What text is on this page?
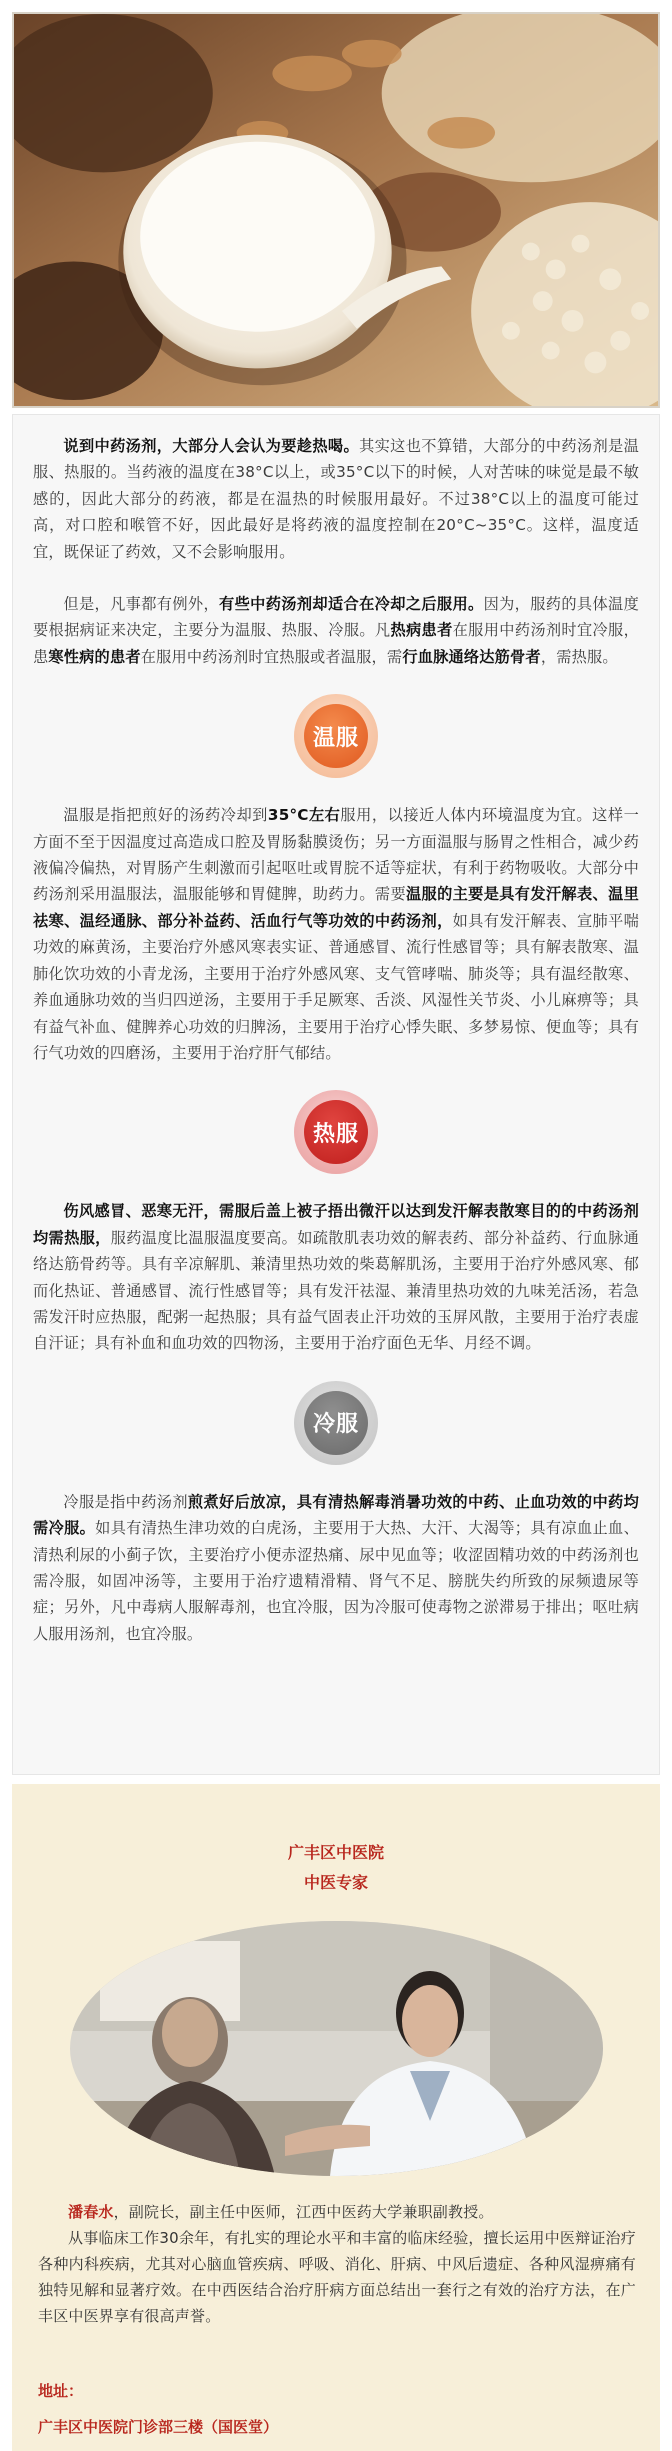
说到中药汤剂，大部分人会认为要趁热喝。其实这也不算错，大部分的中药汤剂是温服、热服的。当药液的温度在38°C以上，或35°C以下的时候，人对苦味的味觉是最不敏感的，因此大部分的药液，都是在温热的时候服用最好。不过38°C以上的温度可能过高，对口腔和喉管不好，因此最好是将药液的温度控制在20°C~35°C。这样，温度适宜，既保证了药效，又不会影响服用。

但是，凡事都有例外，有些中药汤剂却适合在冷却之后服用。因为，服药的具体温度要根据病证来决定，主要分为温服、热服、冷服。凡热病患者在服用中药汤剂时宜冷服，患寒性病的患者在服用中药汤剂时宜热服或者温服，需行血脉通络达筋骨者，需热服。

温服

温服是指把煎好的汤药冷却到35°C左右服用，以接近人体内环境温度为宜。这样一方面不至于因温度过高造成口腔及胃肠黏膜烫伤；另一方面温服与肠胃之性相合，减少药液偏冷偏热，对胃肠产生刺激而引起呕吐或胃脘不适等症状，有利于药物吸收。大部分中药汤剂采用温服法，温服能够和胃健脾，助药力。需要温服的主要是具有发汗解表、温里祛寒、温经通脉、部分补益药、活血行气等功效的中药汤剂，如具有发汗解表、宣肺平喘功效的麻黄汤，主要治疗外感风寒表实证、普通感冒、流行性感冒等；具有解表散寒、温肺化饮功效的小青龙汤，主要用于治疗外感风寒、支气管哮喘、肺炎等；具有温经散寒、养血通脉功效的当归四逆汤，主要用于手足厥寒、舌淡、风湿性关节炎、小儿麻痹等；具有益气补血、健脾养心功效的归脾汤，主要用于治疗心悸失眠、多梦易惊、便血等；具有行气功效的四磨汤，主要用于治疗肝气郁结。

热服

伤风感冒、恶寒无汗，需服后盖上被子捂出微汗以达到发汗解表散寒目的的中药汤剂均需热服，服药温度比温服温度要高。如疏散肌表功效的解表药、部分补益药、行血脉通络达筋骨药等。具有辛凉解肌、兼清里热功效的柴葛解肌汤，主要用于治疗外感风寒、郁而化热证、普通感冒、流行性感冒等；具有发汗祛湿、兼清里热功效的九味羌活汤，若急需发汗时应热服，配粥一起热服；具有益气固表止汗功效的玉屏风散，主要用于治疗表虚自汗证；具有补血和血功效的四物汤，主要用于治疗面色无华、月经不调。

冷服

冷服是指中药汤剂煎煮好后放凉，具有清热解毒消暑功效的中药、止血功效的中药均需冷服。如具有清热生津功效的白虎汤，主要用于大热、大汗、大渴等；具有凉血止血、清热利尿的小蓟子饮，主要治疗小便赤涩热痛、尿中见血等；收涩固精功效的中药汤剂也需冷服，如固冲汤等，主要用于治疗遗精滑精、肾气不足、膀胱失约所致的尿频遗尿等症；另外，凡中毒病人服解毒剂，也宜冷服，因为冷服可使毒物之淤滞易于排出；呕吐病人服用汤剂，也宜冷服。

广丰区中医院
中医专家

潘春水，副院长，副主任中医师，江西中医药大学兼职副教授。

从事临床工作30余年，有扎实的理论水平和丰富的临床经验，擅长运用中医辩证治疗各种内科疾病，尤其对心脑血管疾病、呼吸、消化、肝病、中风后遗症、各种风湿痹痛有独特见解和显著疗效。在中西医结合治疗肝病方面总结出一套行之有效的治疗方法，在广丰区中医界享有很高声誉。

地址：
广丰区中医院门诊部三楼（国医堂）
